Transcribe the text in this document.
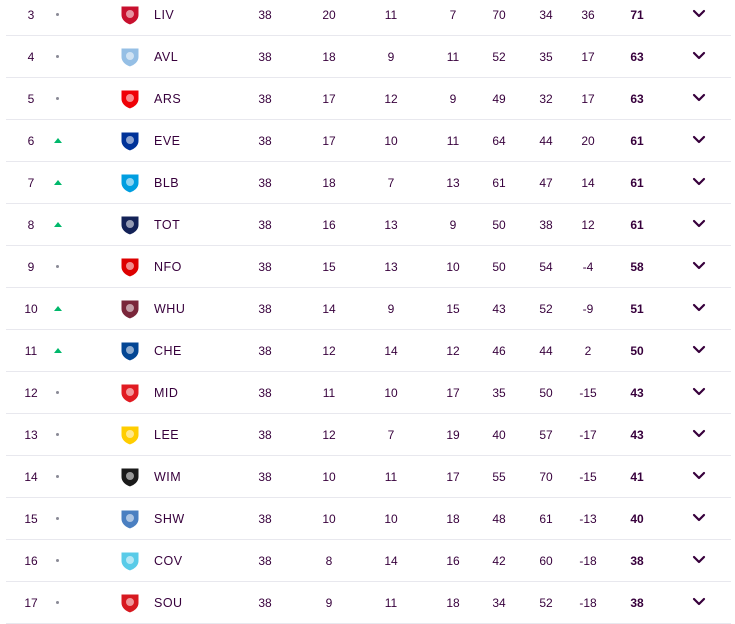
3	LIV	38	20	11	7	70	34	36	71
4	AVL	38	18	9	11	52	35	17	63
5	ARS	38	17	12	9	49	32	17	63
6	EVE	38	17	10	11	64	44	20	61
7	BLB	38	18	7	13	61	47	14	61
8	TOT	38	16	13	9	50	38	12	61
9	NFO	38	15	13	10	50	54	-4	58
10	WHU	38	14	9	15	43	52	-9	51
11	CHE	38	12	14	12	46	44	2	50
12	MID	38	11	10	17	35	50	-15	43
13	LEE	38	12	7	19	40	57	-17	43
14	WIM	38	10	11	17	55	70	-15	41
15	SHW	38	10	10	18	48	61	-13	40
16	COV	38	8	14	16	42	60	-18	38
17	SOU	38	9	11	18	34	52	-18	38
